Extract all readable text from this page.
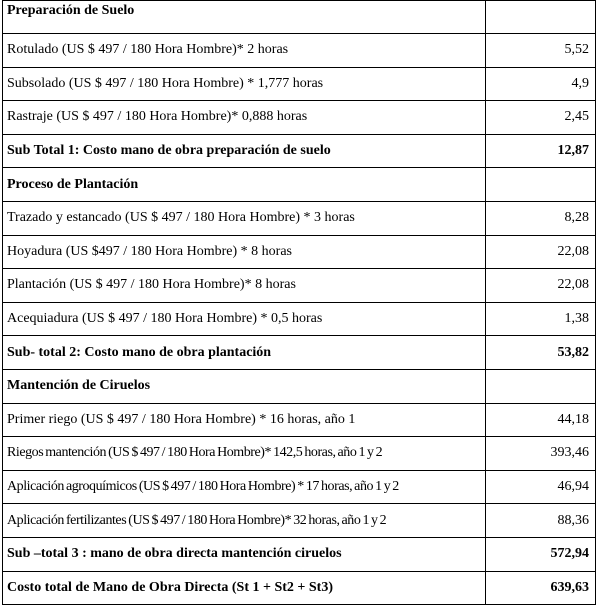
Preparación de Suelo	
Rotulado (US $ 497 / 180 Hora Hombre)* 2 horas	5,52
Subsolado (US $ 497 / 180 Hora Hombre) * 1,777 horas	4,9
Rastraje (US $ 497 / 180 Hora Hombre)* 0,888 horas	2,45
Sub Total 1: Costo mano de obra preparación de suelo	12,87
Proceso de Plantación	
Trazado y estancado (US $ 497 / 180 Hora Hombre) * 3 horas	8,28
Hoyadura (US $497 / 180 Hora Hombre) * 8 horas	22,08
Plantación (US $ 497 / 180 Hora Hombre)* 8 horas	22,08
Acequiadura (US $ 497 / 180 Hora Hombre) * 0,5 horas	1,38
Sub- total 2: Costo mano de obra plantación	53,82
Mantención de Ciruelos	
Primer riego (US $ 497 / 180 Hora Hombre) * 16 horas, año 1	44,18
Riegos mantención (US $ 497 / 180 Hora Hombre)* 142,5 horas, año 1 y 2	393,46
Aplicación agroquímicos (US $ 497 / 180 Hora Hombre) * 17 horas, año 1 y 2	46,94
Aplicación fertilizantes (US $ 497 / 180 Hora Hombre)* 32 horas, año 1 y 2	88,36
Sub –total 3 : mano de obra directa mantención ciruelos	572,94
Costo total de Mano de Obra Directa (St 1 + St2 + St3)	639,63
